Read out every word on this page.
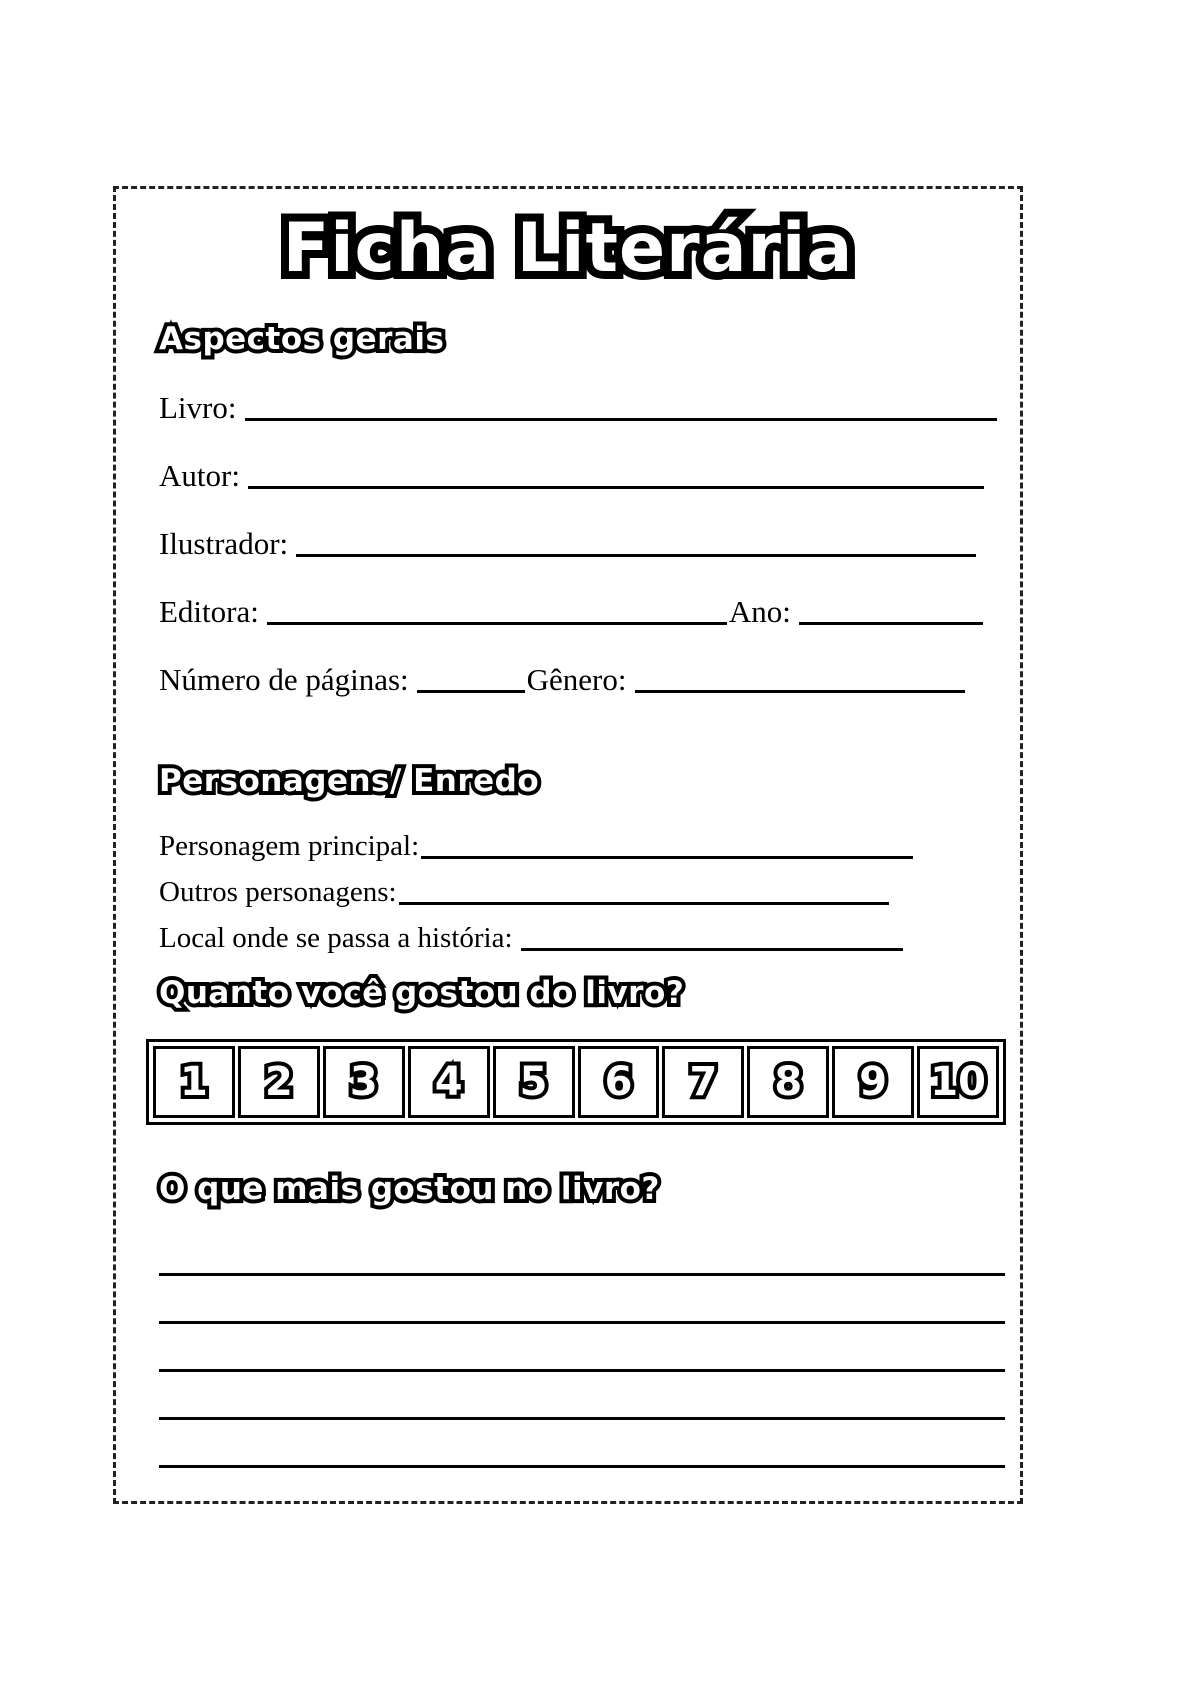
Ficha Literária
Aspectos gerais
Livro:
Autor:
Ilustrador:
Editora:	Ano:
Número de páginas:	Gênero:
Personagens/ Enredo
Personagem principal:
Outros personagens:
Local onde se passa a história:
Quanto você gostou do livro?
1	2	3	4	5	6	7	8	9	10
O que mais gostou no livro?
